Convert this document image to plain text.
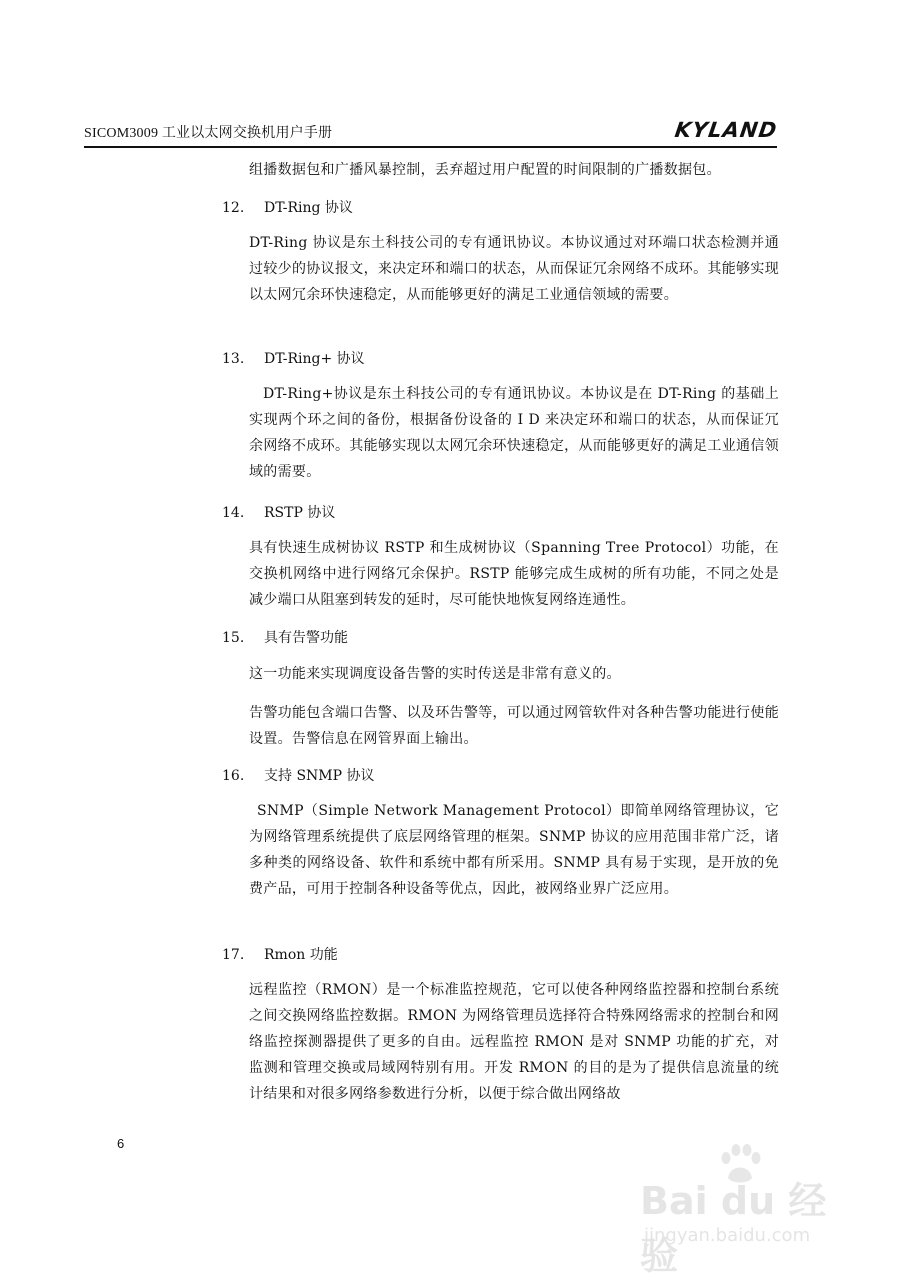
SICOM3009 工业以太网交换机用户手册	KYLAND
组播数据包和广播风暴控制，丢弃超过用户配置的时间限制的广播数据包。
12. DT-Ring 协议
DT-Ring 协议是东土科技公司的专有通讯协议。本协议通过对环端口状态检测并通过较少的协议报文，来决定环和端口的状态，从而保证冗余网络不成环。其能够实现以太网冗余环快速稳定，从而能够更好的满足工业通信领域的需要。
13. DT-Ring+ 协议
DT-Ring+协议是东土科技公司的专有通讯协议。本协议是在 DT-Ring 的基础上实现两个环之间的备份，根据备份设备的 I D 来决定环和端口的状态，从而保证冗余网络不成环。其能够实现以太网冗余环快速稳定，从而能够更好的满足工业通信领域的需要。
14. RSTP 协议
具有快速生成树协议 RSTP 和生成树协议（Spanning Tree Protocol）功能，在交换机网络中进行网络冗余保护。RSTP 能够完成生成树的所有功能，不同之处是减少端口从阻塞到转发的延时，尽可能快地恢复网络连通性。
15. 具有告警功能
这一功能来实现调度设备告警的实时传送是非常有意义的。
告警功能包含端口告警、以及环告警等，可以通过网管软件对各种告警功能进行使能设置。告警信息在网管界面上输出。
16. 支持 SNMP 协议
SNMP（Simple Network Management Protocol）即简单网络管理协议，它为网络管理系统提供了底层网络管理的框架。SNMP 协议的应用范围非常广泛，诸多种类的网络设备、软件和系统中都有所采用。SNMP 具有易于实现，是开放的免费产品，可用于控制各种设备等优点，因此，被网络业界广泛应用。
17. Rmon 功能
远程监控（RMON）是一个标准监控规范，它可以使各种网络监控器和控制台系统之间交换网络监控数据。RMON 为网络管理员选择符合特殊网络需求的控制台和网络监控探测器提供了更多的自由。远程监控 RMON 是对 SNMP 功能的扩充，对监测和管理交换或局域网特别有用。开发 RMON 的目的是为了提供信息流量的统计结果和对很多网络参数进行分析，以便于综合做出网络故
6
Bai du 经验
jingyan.baidu.com
